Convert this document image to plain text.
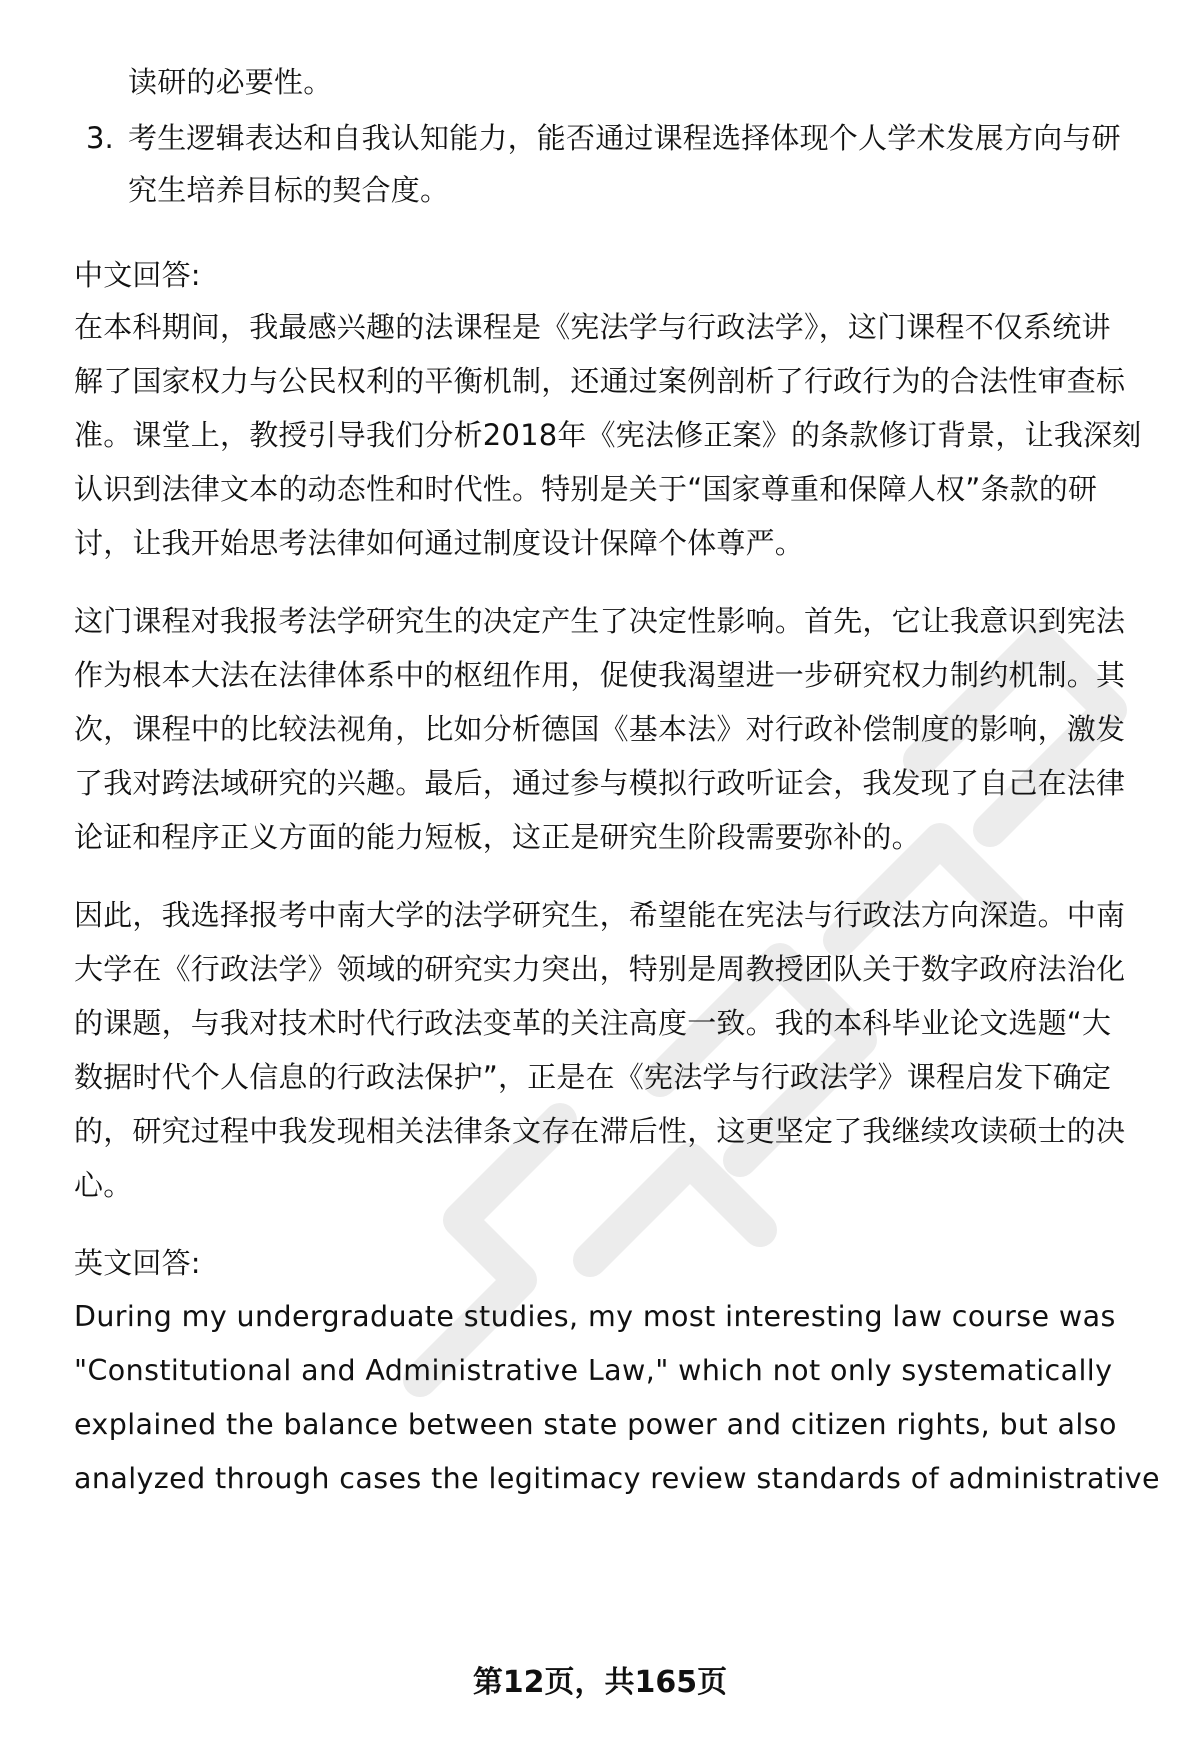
读研的必要性。
3. 考生逻辑表达和自我认知能力，能否通过课程选择体现个人学术发展方向与研
究生培养目标的契合度。
中文回答:
在本科期间，我最感兴趣的法课程是《宪法学与行政法学》，这门课程不仅系统讲
解了国家权力与公民权利的平衡机制，还通过案例剖析了行政行为的合法性审查标
准。课堂上，教授引导我们分析2018年《宪法修正案》的条款修订背景，让我深刻
认识到法律文本的动态性和时代性。特别是关于“国家尊重和保障人权”条款的研
讨，让我开始思考法律如何通过制度设计保障个体尊严。
这门课程对我报考法学研究生的决定产生了决定性影响。首先，它让我意识到宪法
作为根本大法在法律体系中的枢纽作用，促使我渴望进一步研究权力制约机制。其
次，课程中的比较法视角，比如分析德国《基本法》对行政补偿制度的影响，激发
了我对跨法域研究的兴趣。最后，通过参与模拟行政听证会，我发现了自己在法律
论证和程序正义方面的能力短板，这正是研究生阶段需要弥补的。
因此，我选择报考中南大学的法学研究生，希望能在宪法与行政法方向深造。中南
大学在《行政法学》领域的研究实力突出，特别是周教授团队关于数字政府法治化
的课题，与我对技术时代行政法变革的关注高度一致。我的本科毕业论文选题“大
数据时代个人信息的行政法保护”，正是在《宪法学与行政法学》课程启发下确定
的，研究过程中我发现相关法律条文存在滞后性，这更坚定了我继续攻读硕士的决
心。
英文回答:
During my undergraduate studies, my most interesting law course was
"Constitutional and Administrative Law," which not only systematically
explained the balance between state power and citizen rights, but also
analyzed through cases the legitimacy review standards of administrative
第12页，共165页
